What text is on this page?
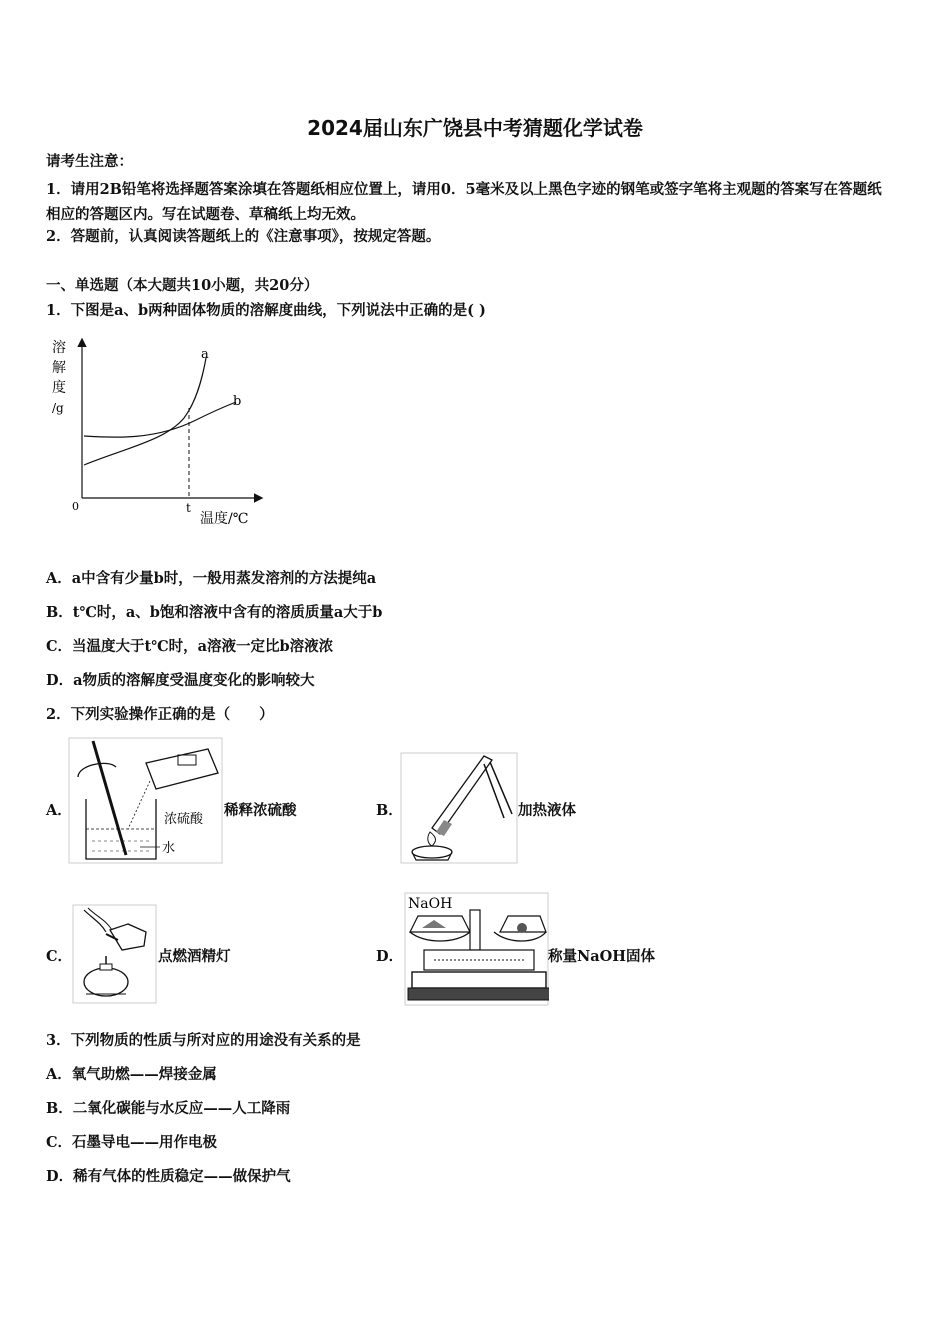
2024届山东广饶县中考猜题化学试卷
请考生注意：
1．请用2B铅笔将选择题答案涂填在答题纸相应位置上，请用0．5毫米及以上黑色字迹的钢笔或签字笔将主观题的答案写在答题纸相应的答题区内。写在试题卷、草稿纸上均无效。
2．答题前，认真阅读答题纸上的《注意事项》，按规定答题。
一、单选题（本大题共10小题，共20分）
1．下图是a、b两种固体物质的溶解度曲线，下列说法中正确的是( )
溶
解
度
/g
a
b
0	t
温度/℃
A．a中含有少量b时，一般用蒸发溶剂的方法提纯a
B．t℃时，a、b饱和溶液中含有的溶质质量a大于b
C．当温度大于t℃时，a溶液一定比b溶液浓
D．a物质的溶解度受温度变化的影响较大
2．下列实验操作正确的是（　　）
A．
浓硫酸
水
稀释浓硫酸	B．	加热液体
C．	点燃酒精灯	D．
NaOH
称量NaOH固体
3．下列物质的性质与所对应的用途没有关系的是
A．氧气助燃——焊接金属
B．二氧化碳能与水反应——人工降雨
C．石墨导电——用作电极
D．稀有气体的性质稳定——做保护气
